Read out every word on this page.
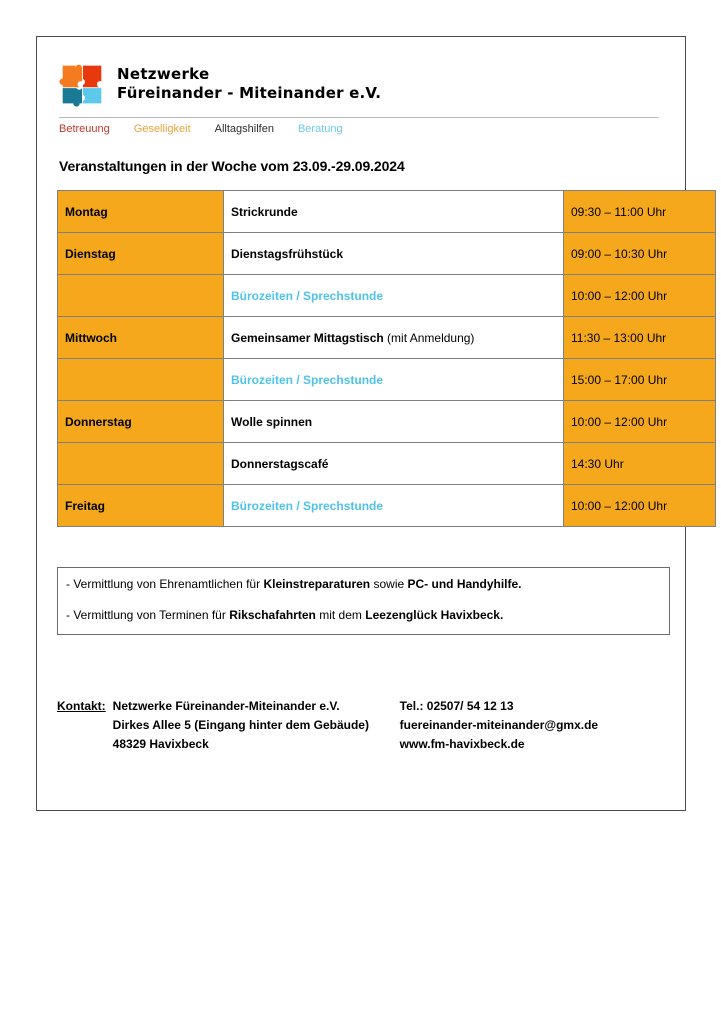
Netzwerke
Füreinander - Miteinander e.V.
Betreuung Geselligkeit Alltagshilfen Beratung
Veranstaltungen in der Woche vom 23.09.-29.09.2024
Montag	Strickrunde	09:30 – 11:00 Uhr
Dienstag	Dienstagsfrühstück	09:00 – 10:30 Uhr
	Bürozeiten / Sprechstunde	10:00 – 12:00 Uhr
Mittwoch	Gemeinsamer Mittagstisch (mit Anmeldung)	11:30 – 13:00 Uhr
	Bürozeiten / Sprechstunde	15:00 – 17:00 Uhr
Donnerstag	Wolle spinnen	10:00 – 12:00 Uhr
	Donnerstagscafé	14:30 Uhr
Freitag	Bürozeiten / Sprechstunde	10:00 – 12:00 Uhr

- Vermittlung von Ehrenamtlichen für Kleinstreparaturen sowie PC- und Handyhilfe.

- Vermittlung von Terminen für Rikschafahrten mit dem Leezenglück Havixbeck.

Kontakt: Netzwerke Füreinander-Miteinander e.V.
Dirkes Allee 5 (Eingang hinter dem Gebäude)
48329 Havixbeck
Tel.: 02507/ 54 12 13
fuereinander-miteinander@gmx.de
www.fm-havixbeck.de
